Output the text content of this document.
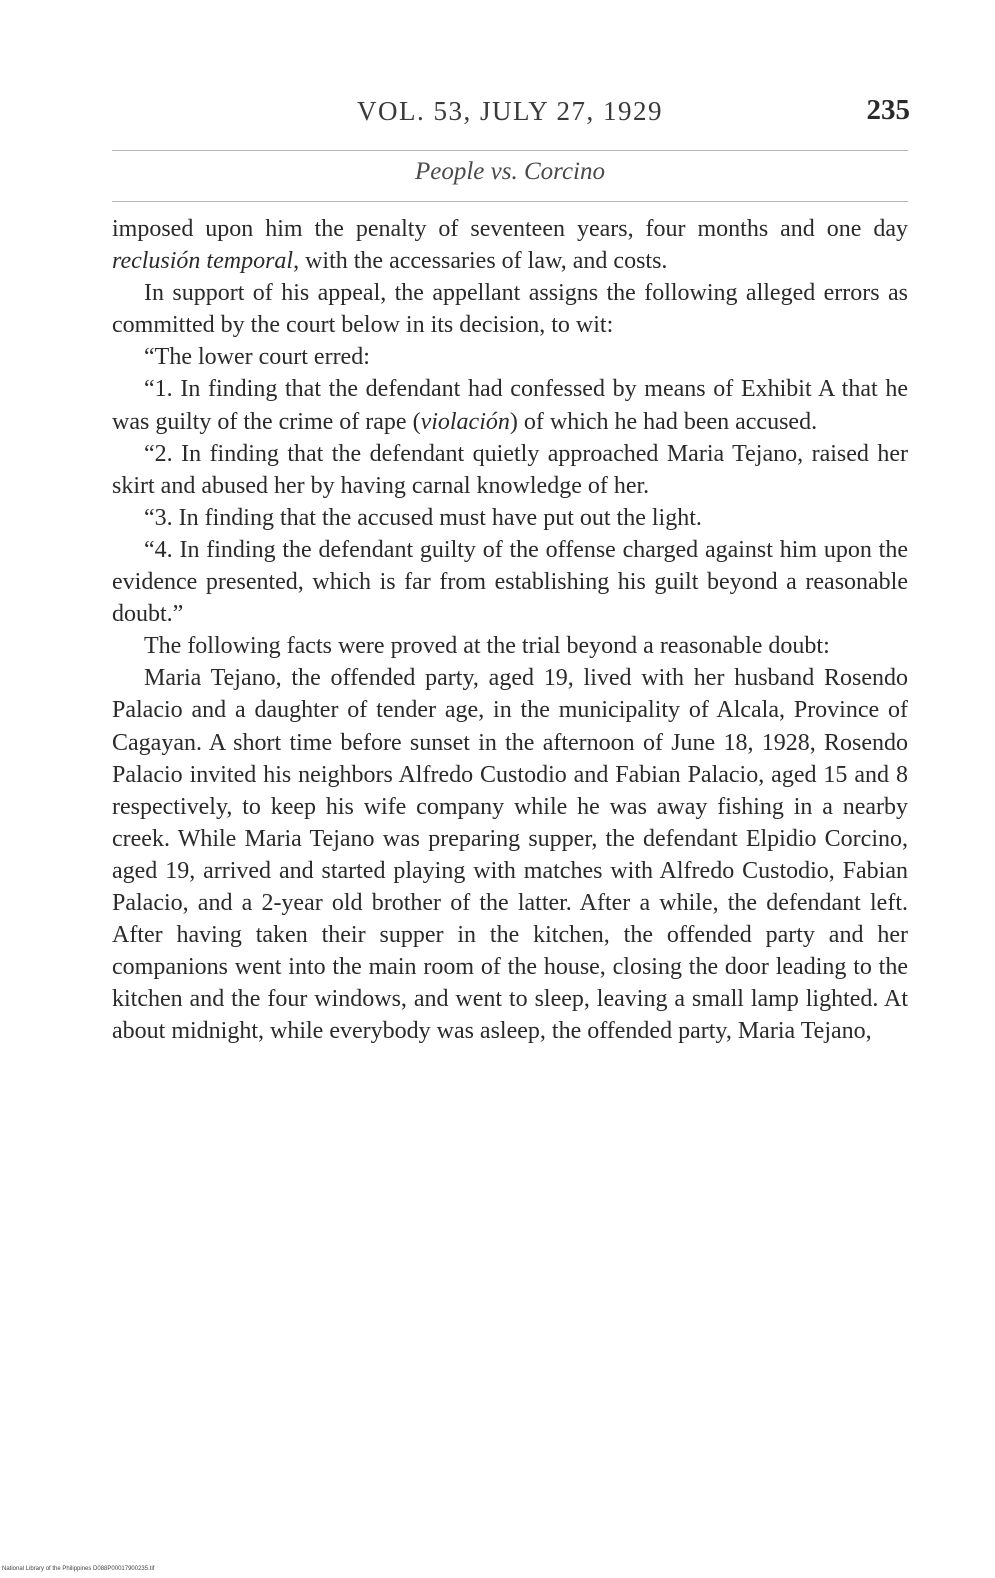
VOL. 53, JULY 27, 1929	235
People vs. Corcino

imposed upon him the penalty of seventeen years, four months and one day reclusión temporal, with the accessaries of law, and costs.

In support of his appeal, the appellant assigns the following alleged errors as committed by the court below in its decision, to wit:

“The lower court erred:

“1. In finding that the defendant had confessed by means of Exhibit A that he was guilty of the crime of rape (violación) of which he had been accused.

“2. In finding that the defendant quietly approached Maria Tejano, raised her skirt and abused her by having carnal knowledge of her.

“3. In finding that the accused must have put out the light.

“4. In finding the defendant guilty of the offense charged against him upon the evidence presented, which is far from establishing his guilt beyond a reasonable doubt.”

The following facts were proved at the trial beyond a reasonable doubt:

Maria Tejano, the offended party, aged 19, lived with her husband Rosendo Palacio and a daughter of tender age, in the municipality of Alcala, Province of Cagayan. A short time before sunset in the afternoon of June 18, 1928, Rosendo Palacio invited his neighbors Alfredo Custodio and Fabian Palacio, aged 15 and 8 respectively, to keep his wife company while he was away fishing in a nearby creek. While Maria Tejano was preparing supper, the defendant Elpidio Corcino, aged 19, arrived and started playing with matches with Alfredo Custodio, Fabian Palacio, and a 2-year old brother of the latter. After a while, the defendant left. After having taken their supper in the kitchen, the offended party and her companions went into the main room of the house, closing the door leading to the kitchen and the four windows, and went to sleep, leaving a small lamp lighted. At about midnight, while everybody was asleep, the offended party, Maria Tejano,

National Library of the Philippines D088P00017900235.tif
